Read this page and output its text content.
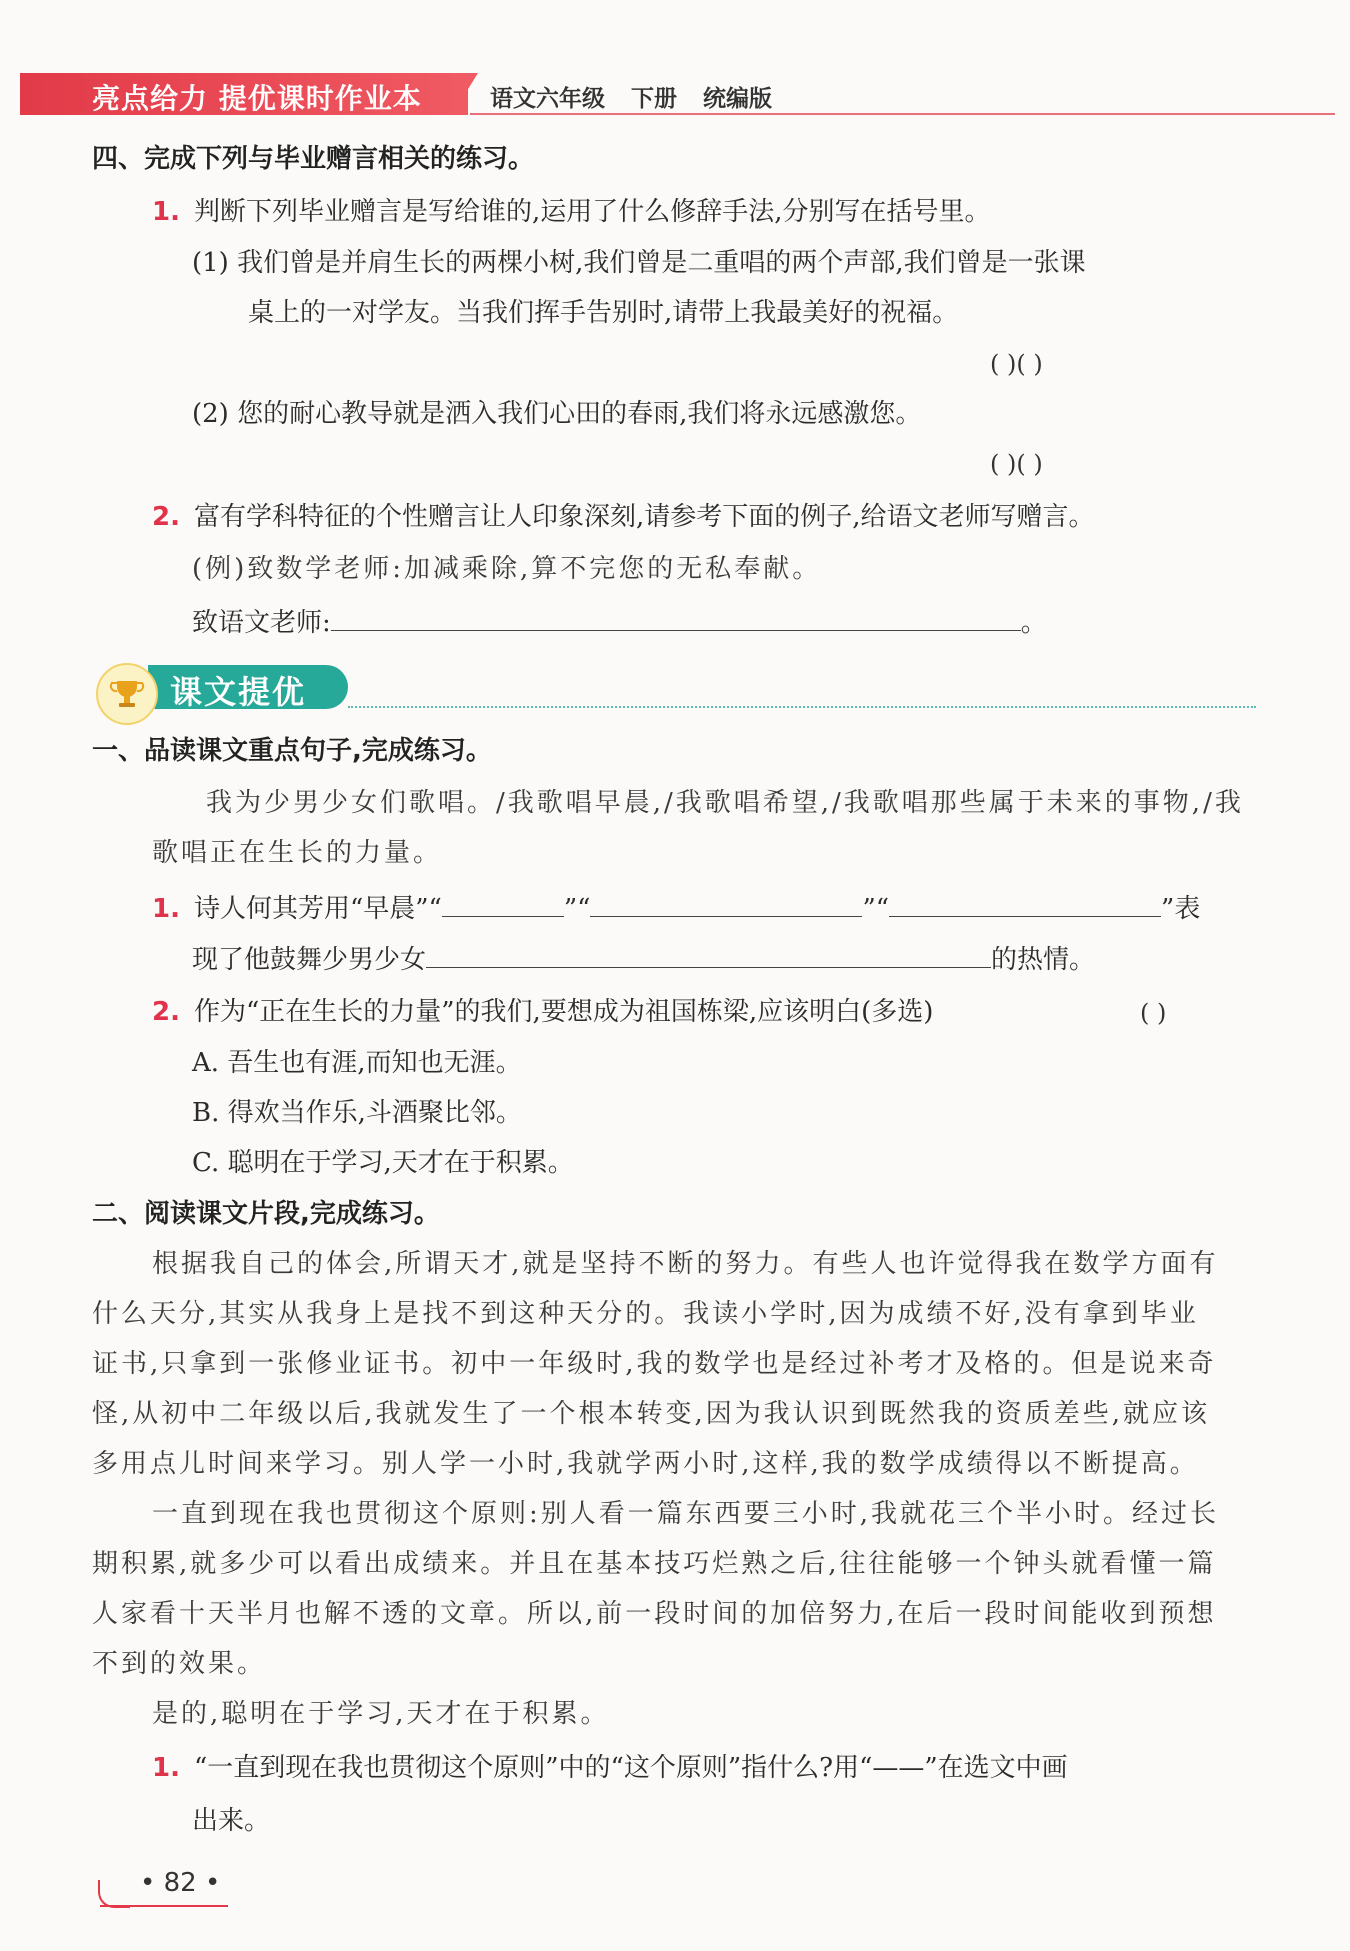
亮点给力 提优课时作业本	语文六年级 下册 统编版
四、完成下列与毕业赠言相关的练习。
1. 判断下列毕业赠言是写给谁的,运用了什么修辞手法,分别写在括号里。
(1) 我们曾是并肩生长的两棵小树,我们曾是二重唱的两个声部,我们曾是一张课
桌上的一对学友。当我们挥手告别时,请带上我最美好的祝福。
( )( )
(2) 您的耐心教导就是洒入我们心田的春雨,我们将永远感激您。
( )( )
2. 富有学科特征的个性赠言让人印象深刻,请参考下面的例子,给语文老师写赠言。
(例)致数学老师:加减乘除,算不完您的无私奉献。
致语文老师:	。
课文提优
一、品读课文重点句子,完成练习。
我为少男少女们歌唱。/我歌唱早晨,/我歌唱希望,/我歌唱那些属于未来的事物,/我
歌唱正在生长的力量。
1. 诗人何其芳用“早晨”“	”“	”“	”表
现了他鼓舞少男少女	的热情。
2. 作为“正在生长的力量”的我们,要想成为祖国栋梁,应该明白(多选)	( )
A. 吾生也有涯,而知也无涯。
B. 得欢当作乐,斗酒聚比邻。
C. 聪明在于学习,天才在于积累。
二、阅读课文片段,完成练习。
根据我自己的体会,所谓天才,就是坚持不断的努力。有些人也许觉得我在数学方面有
什么天分,其实从我身上是找不到这种天分的。我读小学时,因为成绩不好,没有拿到毕业
证书,只拿到一张修业证书。初中一年级时,我的数学也是经过补考才及格的。但是说来奇
怪,从初中二年级以后,我就发生了一个根本转变,因为我认识到既然我的资质差些,就应该
多用点儿时间来学习。别人学一小时,我就学两小时,这样,我的数学成绩得以不断提高。
一直到现在我也贯彻这个原则:别人看一篇东西要三小时,我就花三个半小时。经过长
期积累,就多少可以看出成绩来。并且在基本技巧烂熟之后,往往能够一个钟头就看懂一篇
人家看十天半月也解不透的文章。所以,前一段时间的加倍努力,在后一段时间能收到预想
不到的效果。
是的,聪明在于学习,天才在于积累。
1. “一直到现在我也贯彻这个原则”中的“这个原则”指什么?用“——”在选文中画
出来。
• 82 •
